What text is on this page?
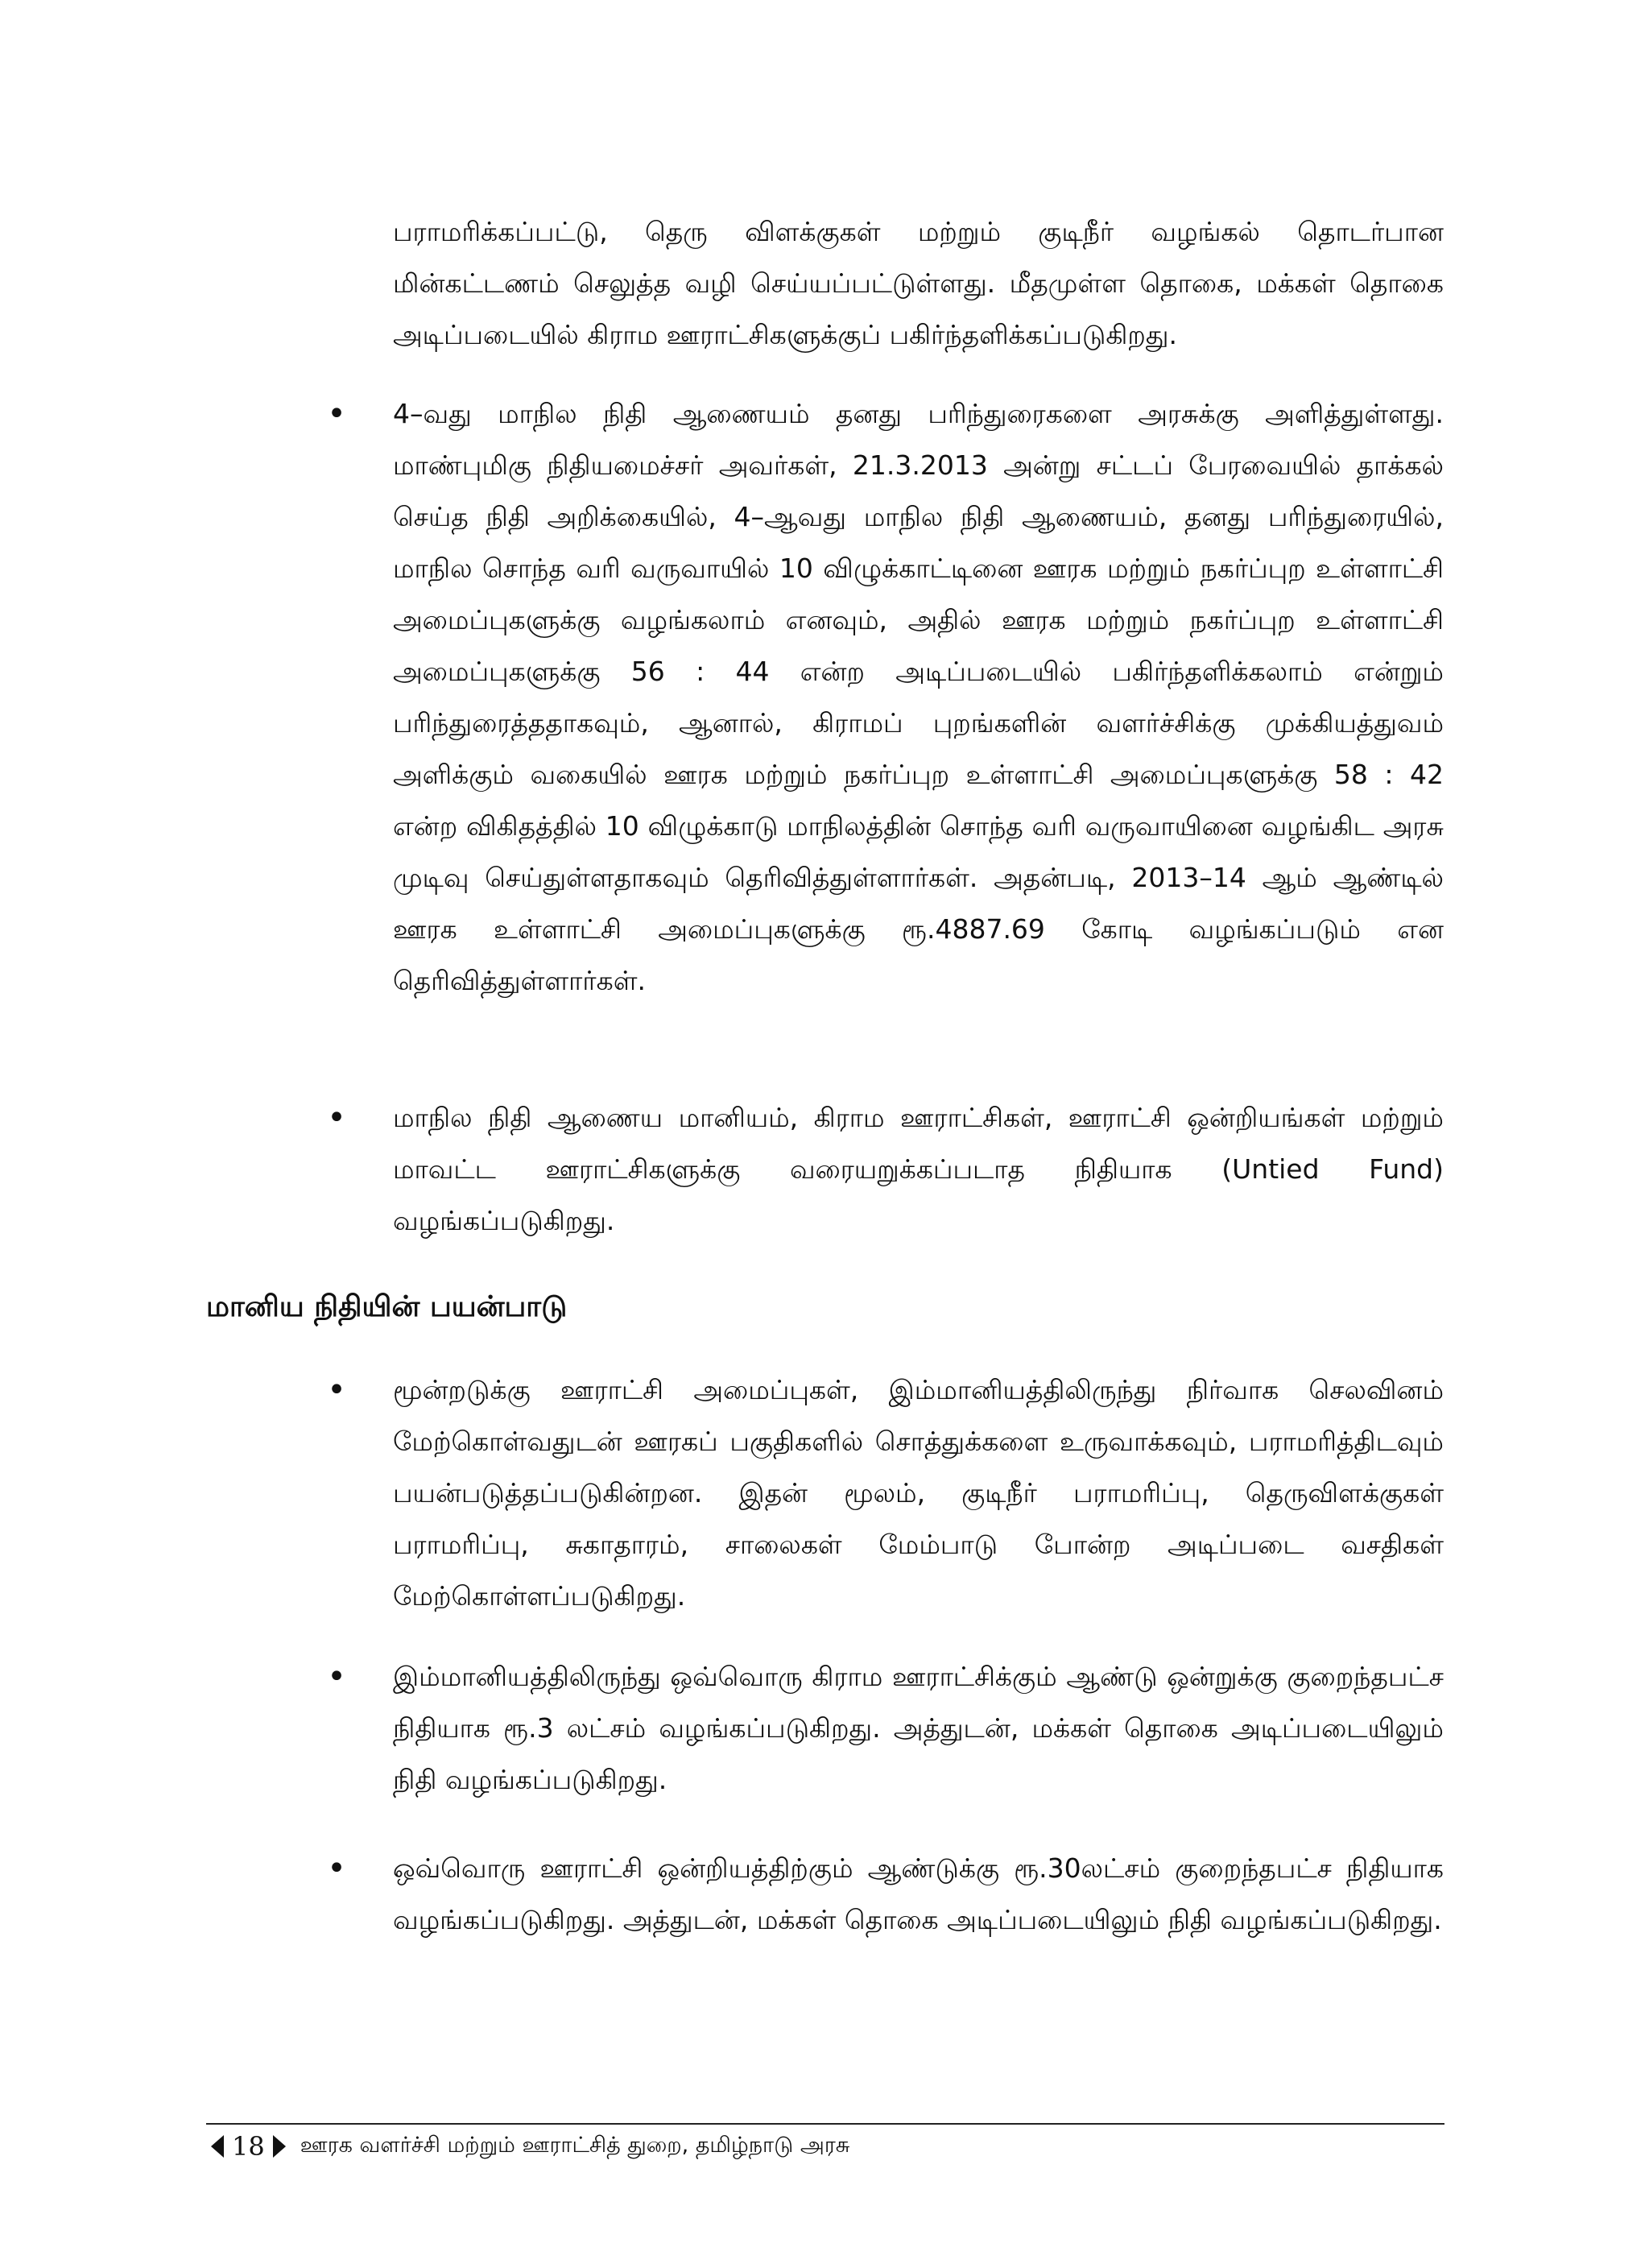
பராமரிக்கப்பட்டு, தெரு விளக்குகள் மற்றும் குடிநீர் வழங்கல் தொடர்பான மின்கட்டணம் செலுத்த வழி செய்யப்பட்டுள்ளது. மீதமுள்ள தொகை, மக்கள் தொகை அடிப்படையில் கிராம ஊராட்சிகளுக்குப் பகிர்ந்தளிக்கப்படுகிறது.

•	4–வது மாநில நிதி ஆணையம் தனது பரிந்துரைகளை அரசுக்கு அளித்துள்ளது. மாண்புமிகு நிதியமைச்சர் அவர்கள், 21.3.2013 அன்று சட்டப் பேரவையில் தாக்கல் செய்த நிதி அறிக்கையில், 4–ஆவது மாநில நிதி ஆணையம், தனது பரிந்துரையில், மாநில சொந்த வரி வருவாயில் 10 விழுக்காட்டினை ஊரக மற்றும் நகர்ப்புற உள்ளாட்சி அமைப்புகளுக்கு வழங்கலாம் எனவும், அதில் ஊரக மற்றும் நகர்ப்புற உள்ளாட்சி அமைப்புகளுக்கு 56 : 44 என்ற அடிப்படையில் பகிர்ந்தளிக்கலாம் என்றும் பரிந்துரைத்ததாகவும், ஆனால், கிராமப் புறங்களின் வளர்ச்சிக்கு முக்கியத்துவம் அளிக்கும் வகையில் ஊரக மற்றும் நகர்ப்புற உள்ளாட்சி அமைப்புகளுக்கு 58 : 42 என்ற விகிதத்தில் 10 விழுக்காடு மாநிலத்தின் சொந்த வரி வருவாயினை வழங்கிட அரசு முடிவு செய்துள்ளதாகவும் தெரிவித்துள்ளார்கள். அதன்படி, 2013–14 ஆம் ஆண்டில் ஊரக உள்ளாட்சி அமைப்புகளுக்கு ரூ.4887.69 கோடி வழங்கப்படும் என தெரிவித்துள்ளார்கள்.

•	மாநில நிதி ஆணைய மானியம், கிராம ஊராட்சிகள், ஊராட்சி ஒன்றியங்கள் மற்றும் மாவட்ட ஊராட்சிகளுக்கு வரையறுக்கப்படாத நிதியாக (Untied Fund) வழங்கப்படுகிறது.

மானிய நிதியின் பயன்பாடு
•	மூன்றடுக்கு ஊராட்சி அமைப்புகள், இம்மானியத்திலிருந்து நிர்வாக செலவினம் மேற்கொள்வதுடன் ஊரகப் பகுதிகளில் சொத்துக்களை உருவாக்கவும், பராமரித்திடவும் பயன்படுத்தப்படுகின்றன. இதன் மூலம், குடிநீர் பராமரிப்பு, தெருவிளக்குகள் பராமரிப்பு, சுகாதாரம், சாலைகள் மேம்பாடு போன்ற அடிப்படை வசதிகள் மேற்கொள்ளப்படுகிறது.

•	இம்மானியத்திலிருந்து ஒவ்வொரு கிராம ஊராட்சிக்கும் ஆண்டு ஒன்றுக்கு குறைந்தபட்ச நிதியாக ரூ.3 லட்சம் வழங்கப்படுகிறது. அத்துடன், மக்கள் தொகை அடிப்படையிலும் நிதி வழங்கப்படுகிறது.

•	ஒவ்வொரு ஊராட்சி ஒன்றியத்திற்கும் ஆண்டுக்கு ரூ.30லட்சம் குறைந்தபட்ச நிதியாக வழங்கப்படுகிறது. அத்துடன், மக்கள் தொகை அடிப்படையிலும் நிதி வழங்கப்படுகிறது.

18 ஊரக வளர்ச்சி மற்றும் ஊராட்சித் துறை, தமிழ்நாடு அரசு
